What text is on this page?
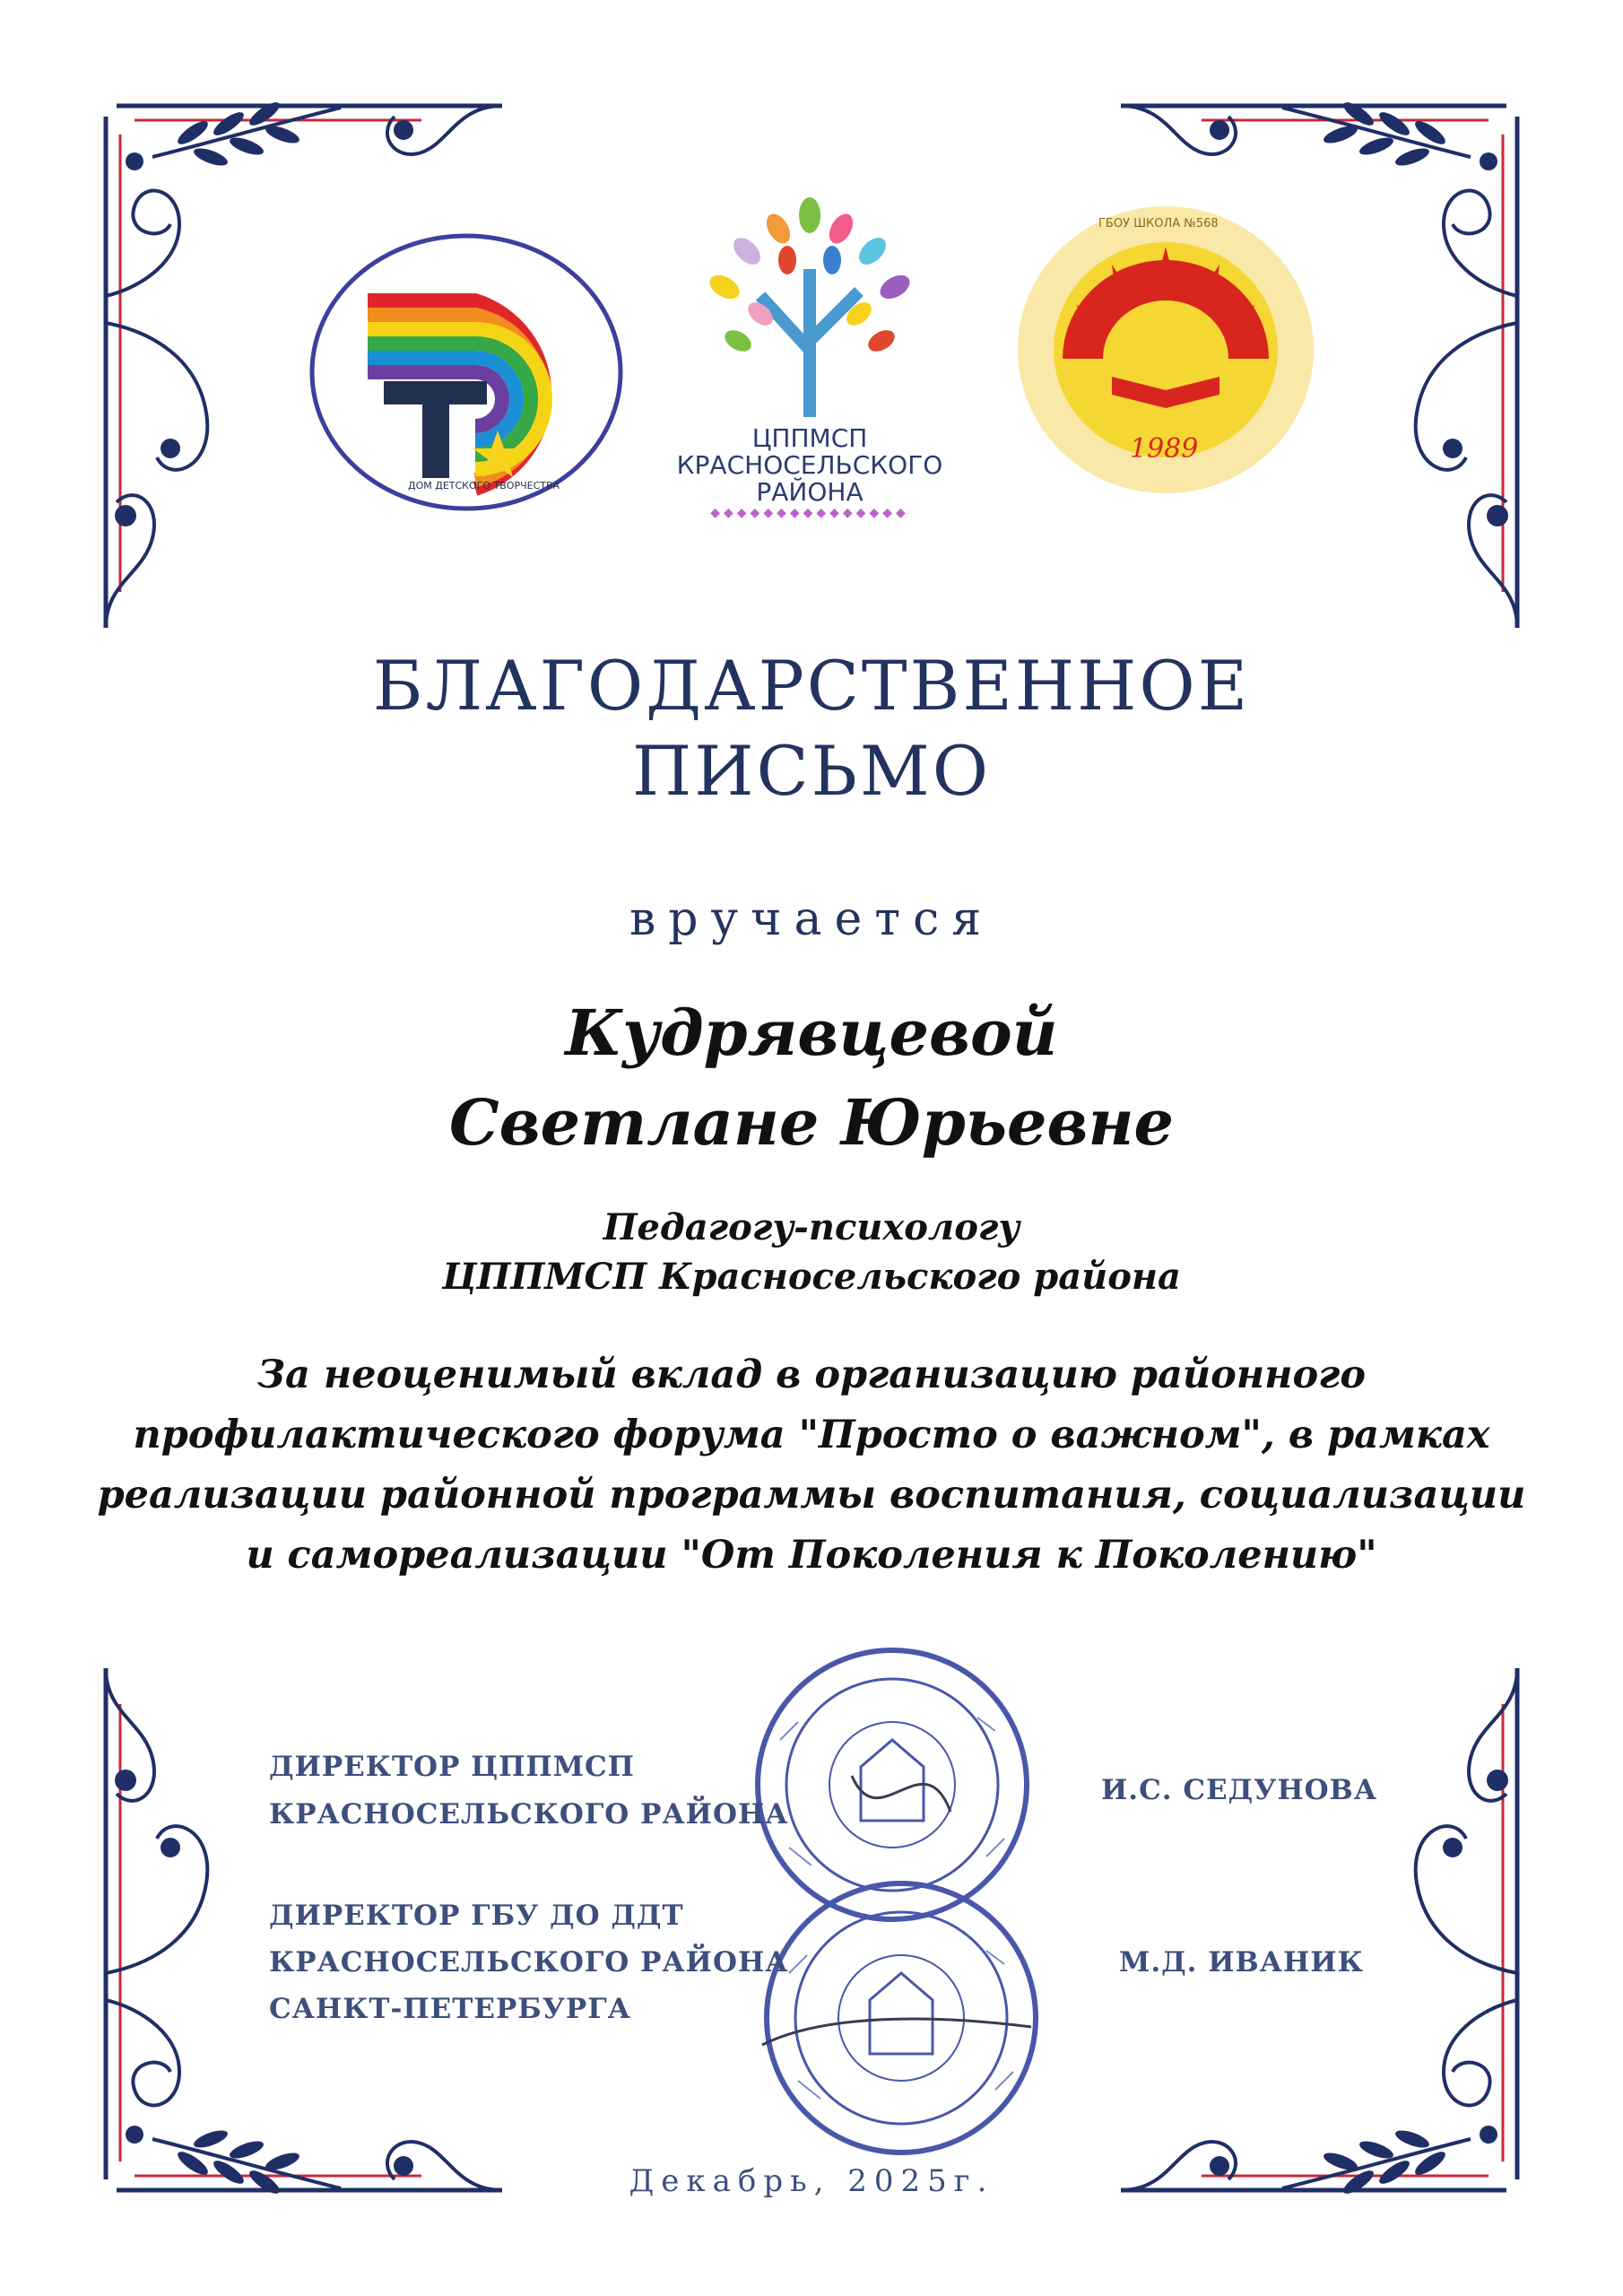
ДОМ ДЕТСКОГО ТВОРЧЕСТВА
ЦППМСП
КРАСНОСЕЛЬСКОГО
РАЙОНА
◆◆◆◆◆◆◆◆◆◆◆◆◆◆◆
1989
ГБОУ ШКОЛА №568
БЛАГОДАРСТВЕННОЕ
ПИСЬМО
вручается
Кудрявцевой
Светлане Юрьевне
Педагогу-психологу
ЦППМСП Красносельского района
За неоценимый вклад в организацию районного
профилактического форума "Просто о важном", в рамках
реализации районной программы воспитания, социализации
и самореализации "От Поколения к Поколению"
ДИРЕКТОР ЦППМСП
КРАСНОСЕЛЬСКОГО РАЙОНА
И.С. СЕДУНОВА
ДИРЕКТОР ГБУ ДО ДДТ
КРАСНОСЕЛЬСКОГО РАЙОНА
САНКТ-ПЕТЕРБУРГА
М.Д. ИВАНИК
Декабрь, 2025г.
